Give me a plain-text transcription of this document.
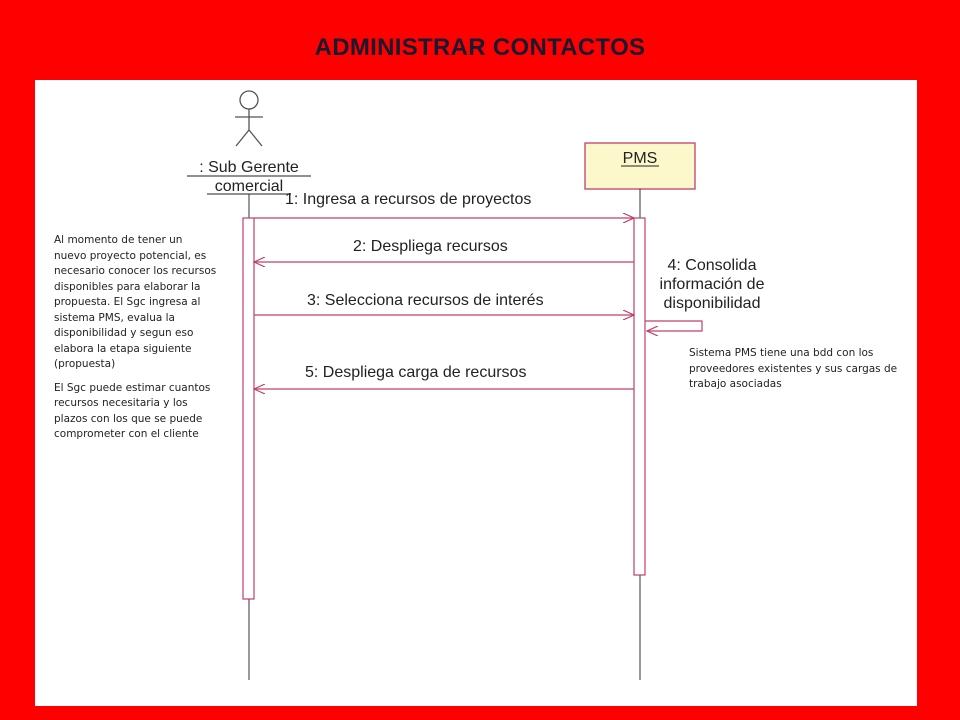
ADMINISTRAR CONTACTOS
: Sub Gerente
comercial
PMS
1: Ingresa a recursos de proyectos
2: Despliega recursos
3: Selecciona recursos de interés
4: Consolida
información de
disponibilidad
5: Despliega carga de recursos

Al momento de tener un

nuevo proyecto potencial, es

necesario conocer los recursos

disponibles para elaborar la

propuesta. El Sgc ingresa al

sistema PMS, evalua la

disponibilidad y segun eso

elabora la etapa siguiente

(propuesta)

El Sgc puede estimar cuantos

recursos necesitaria y los

plazos con los que se puede

comprometer con el cliente

Sistema PMS tiene una bdd con los

proveedores existentes y sus cargas de

trabajo asociadas
